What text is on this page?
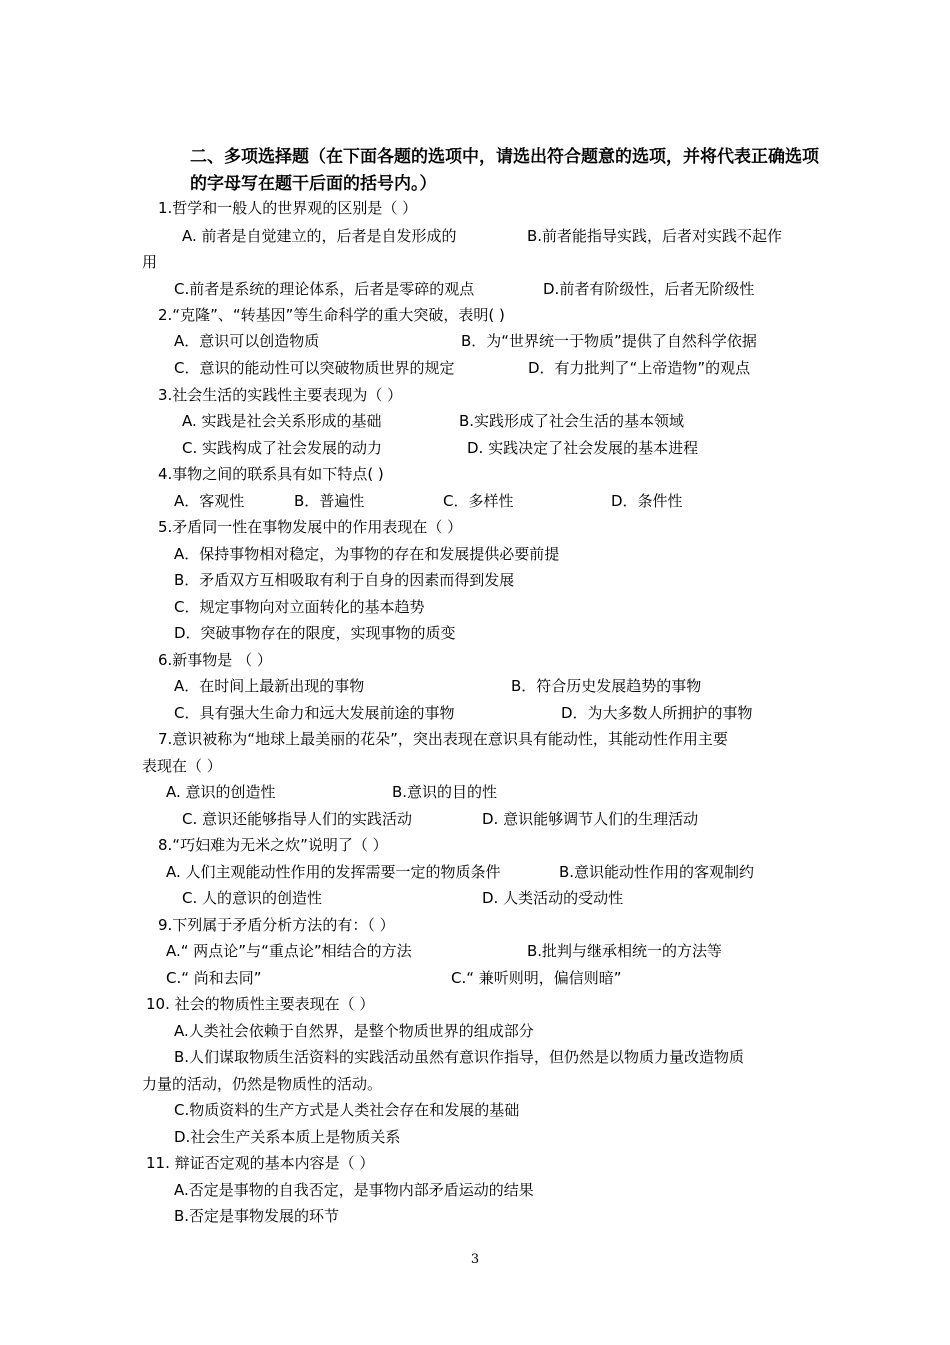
二、多项选择题（在下面各题的选项中，请选出符合题意的选项，并将代表正确选项的字母写在题干后面的括号内。）
1.哲学和一般人的世界观的区别是（ ）
A. 前者是自觉建立的，后者是自发形成的	B.前者能指导实践，后者对实践不起作
用
C.前者是系统的理论体系，后者是零碎的观点	D.前者有阶级性，后者无阶级性
2.“克隆”、“转基因”等生命科学的重大突破，表明( )
A．意识可以创造物质	B．为“世界统一于物质”提供了自然科学依据
C．意识的能动性可以突破物质世界的规定	D．有力批判了“上帝造物”的观点
3.社会生活的实践性主要表现为（ ）
A. 实践是社会关系形成的基础	B.实践形成了社会生活的基本领域
C. 实践构成了社会发展的动力	D. 实践决定了社会发展的基本进程
4.事物之间的联系具有如下特点( )
A．客观性	B．普遍性	C．多样性	D．条件性
5.矛盾同一性在事物发展中的作用表现在（ ）
A．保持事物相对稳定，为事物的存在和发展提供必要前提
B．矛盾双方互相吸取有利于自身的因素而得到发展
C．规定事物向对立面转化的基本趋势
D．突破事物存在的限度，实现事物的质变
6.新事物是 （ ）
A．在时间上最新出现的事物	B．符合历史发展趋势的事物
C．具有强大生命力和远大发展前途的事物	D．为大多数人所拥护的事物
7.意识被称为“地球上最美丽的花朵”，突出表现在意识具有能动性，其能动性作用主要
表现在（ ）
A. 意识的创造性	B.意识的目的性
C. 意识还能够指导人们的实践活动	D. 意识能够调节人们的生理活动
8.“巧妇难为无米之炊”说明了（ ）
A. 人们主观能动性作用的发挥需要一定的物质条件	B.意识能动性作用的客观制约
C. 人的意识的创造性	D. 人类活动的受动性
9.下列属于矛盾分析方法的有：（ ）
A.“ 两点论”与“重点论”相结合的方法	B.批判与继承相统一的方法等
C.“ 尚和去同”	C.“ 兼听则明，偏信则暗”
10. 社会的物质性主要表现在（ ）
A.人类社会依赖于自然界，是整个物质世界的组成部分
B.人们谋取物质生活资料的实践活动虽然有意识作指导，但仍然是以物质力量改造物质
力量的活动，仍然是物质性的活动。
C.物质资料的生产方式是人类社会存在和发展的基础
D.社会生产关系本质上是物质关系
11. 辩证否定观的基本内容是（ ）
A.否定是事物的自我否定，是事物内部矛盾运动的结果
B.否定是事物发展的环节
3
